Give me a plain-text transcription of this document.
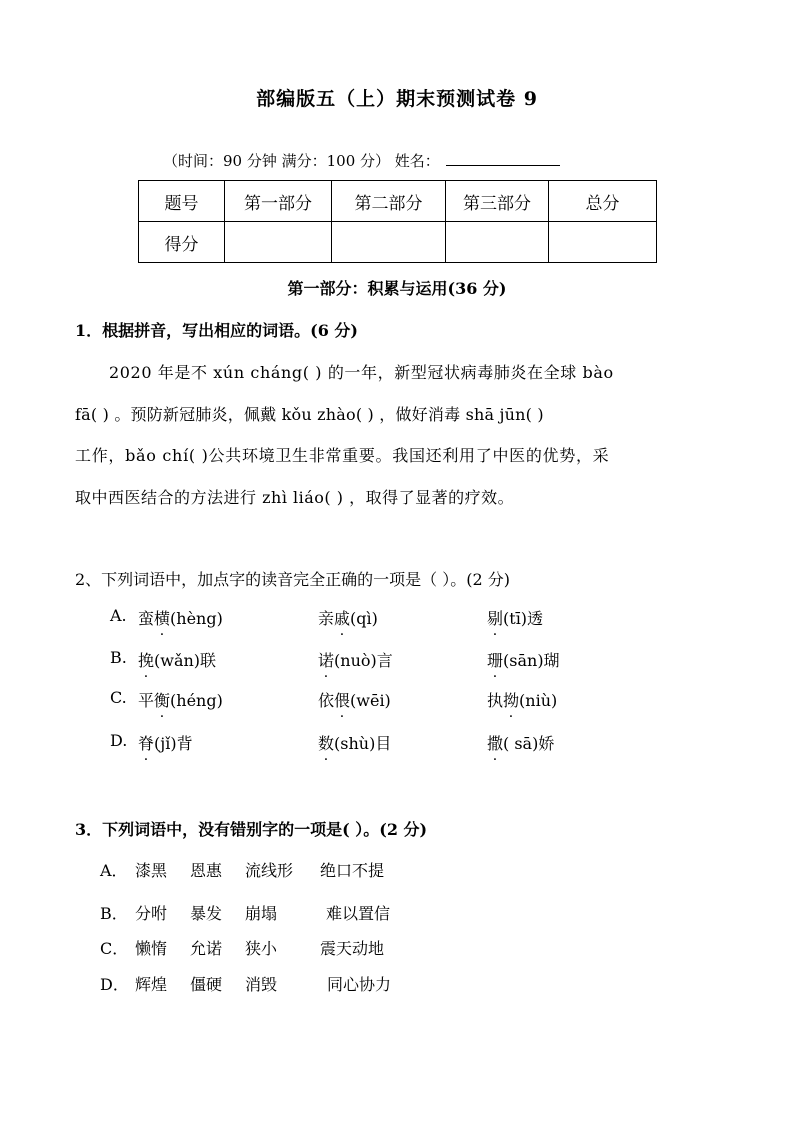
部编版五（上）期末预测试卷 9
（时间：90 分钟 满分：100 分） 姓名：
题号	第一部分	第二部分	第三部分	总分
得分				
第一部分：积累与运用(36 分)
1．根据拼音，写出相应的词语。(6 分)
2020 年是不 xún cháng( ) 的一年，新型冠状病毒肺炎在全球 bào
fā( ) 。预防新冠肺炎，佩戴 kǒu zhào( ) ，做好消毒 shā jūn( )
工作，bǎo chí( )公共环境卫生非常重要。我国还利用了中医的优势，采
取中西医结合的方法进行 zhì liáo( ) ，取得了显著的疗效。
2、下列词语中，加点字的读音完全正确的一项是（ ）。(2 分)
A. 蛮横(hèng)	亲戚(qì)	剔(tī)透
B. 挽(wǎn)联	诺(nuò)言	珊(sān)瑚
C. 平衡(héng)	依偎(wēi)	执拗(niù)
D. 脊(jǐ)背	数(shù)目	撒( sā)娇
3．下列词语中，没有错别字的一项是( ）。(2 分)
A． 漆黑 恩惠 流线形 绝口不提
B． 分咐 暴发 崩塌	难以置信
C． 懒惰 允诺 狭小	震天动地
D． 辉煌 僵硬 消毁	同心协力
